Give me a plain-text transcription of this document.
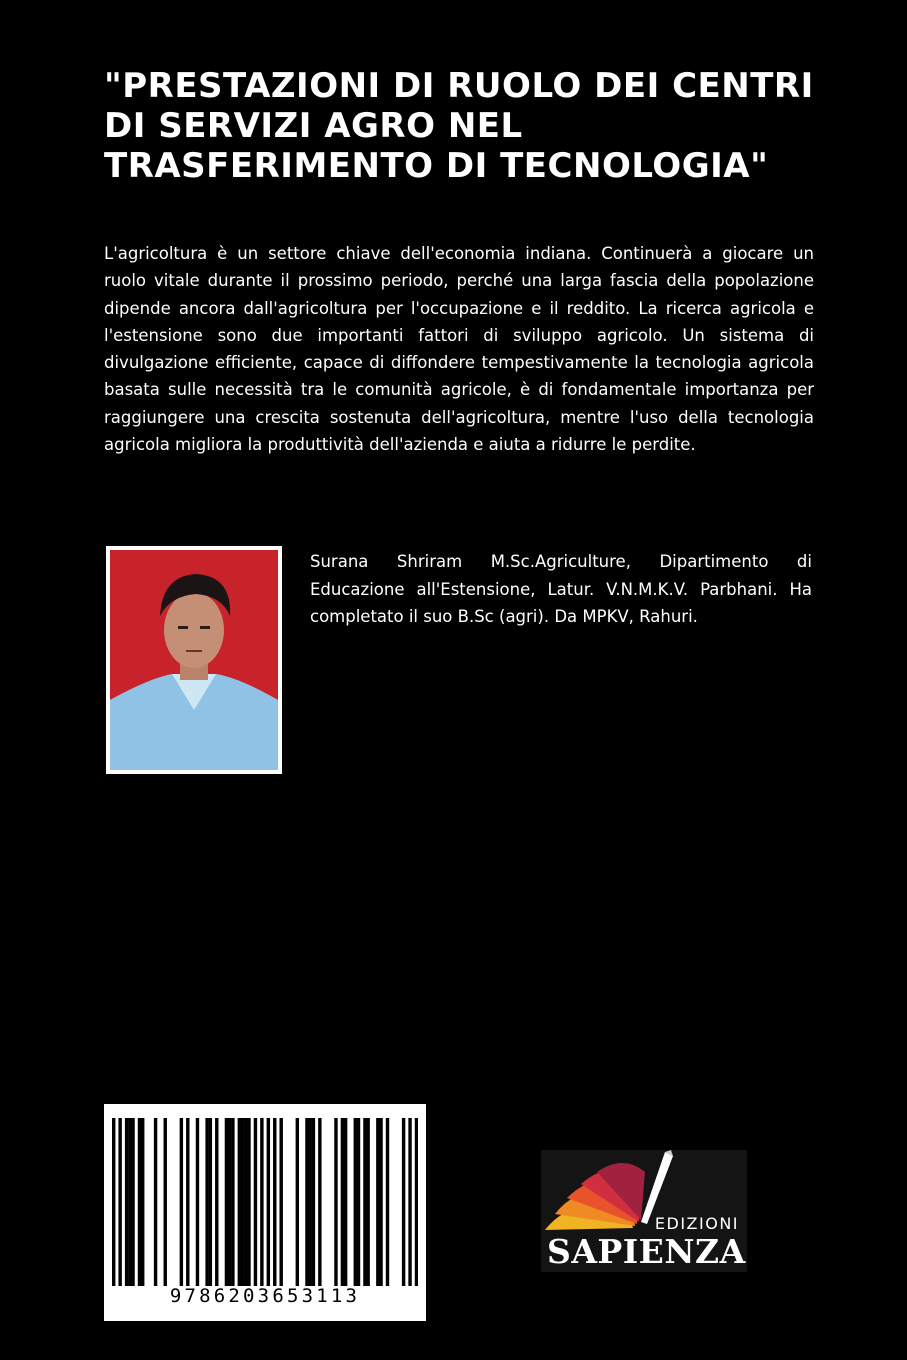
"PRESTAZIONI DI RUOLO DEI CENTRI DI SERVIZI AGRO NEL TRASFERIMENTO DI TECNOLOGIA"

L'agricoltura è un settore chiave dell'economia indiana. Continuerà a giocare un ruolo vitale durante il prossimo periodo, perché una larga fascia della popolazione dipende ancora dall'agricoltura per l'occupazione e il reddito. La ricerca agricola e l'estensione sono due importanti fattori di sviluppo agricolo. Un sistema di divulgazione efficiente, capace di diffondere tempestivamente la tecnologia agricola basata sulle necessità tra le comunità agricole, è di fondamentale importanza per raggiungere una crescita sostenuta dell'agricoltura, mentre l'uso della tecnologia agricola migliora la produttività dell'azienda e aiuta a ridurre le perdite.

Surana Shriram M.Sc.Agriculture, Dipartimento di Educazione all'Estensione, Latur. V.N.M.K.V. Parbhani. Ha completato il suo B.Sc (agri). Da MPKV, Rahuri.

9786203653113
EDIZIONI
SAPIENZA
